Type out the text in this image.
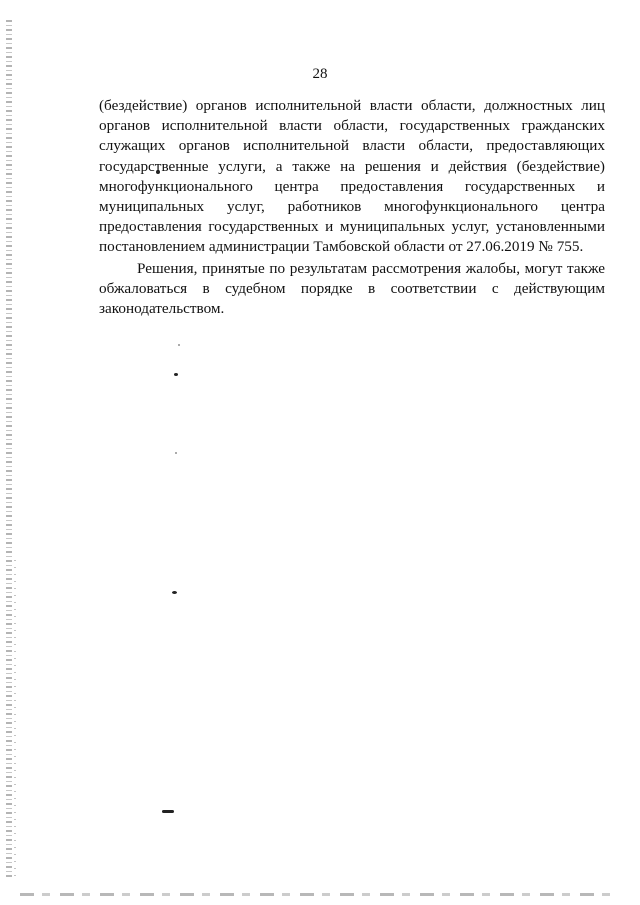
28
(бездействие) органов исполнительной власти области, должностных лиц
органов исполнительной власти области, государственных гражданских
служащих органов исполнительной власти области, предоставляющих
государственные услуги, а также на решения и действия (бездействие)
многофункционального центра предоставления государственных и
муниципальных услуг, работников многофункционального центра
предоставления государственных и муниципальных услуг, установленными
постановлением администрации Тамбовской области от 27.06.2019 № 755.
Решения, принятые по результатам рассмотрения жалобы, могут также
обжаловаться в судебном порядке в соответствии с действующим
законодательством.
